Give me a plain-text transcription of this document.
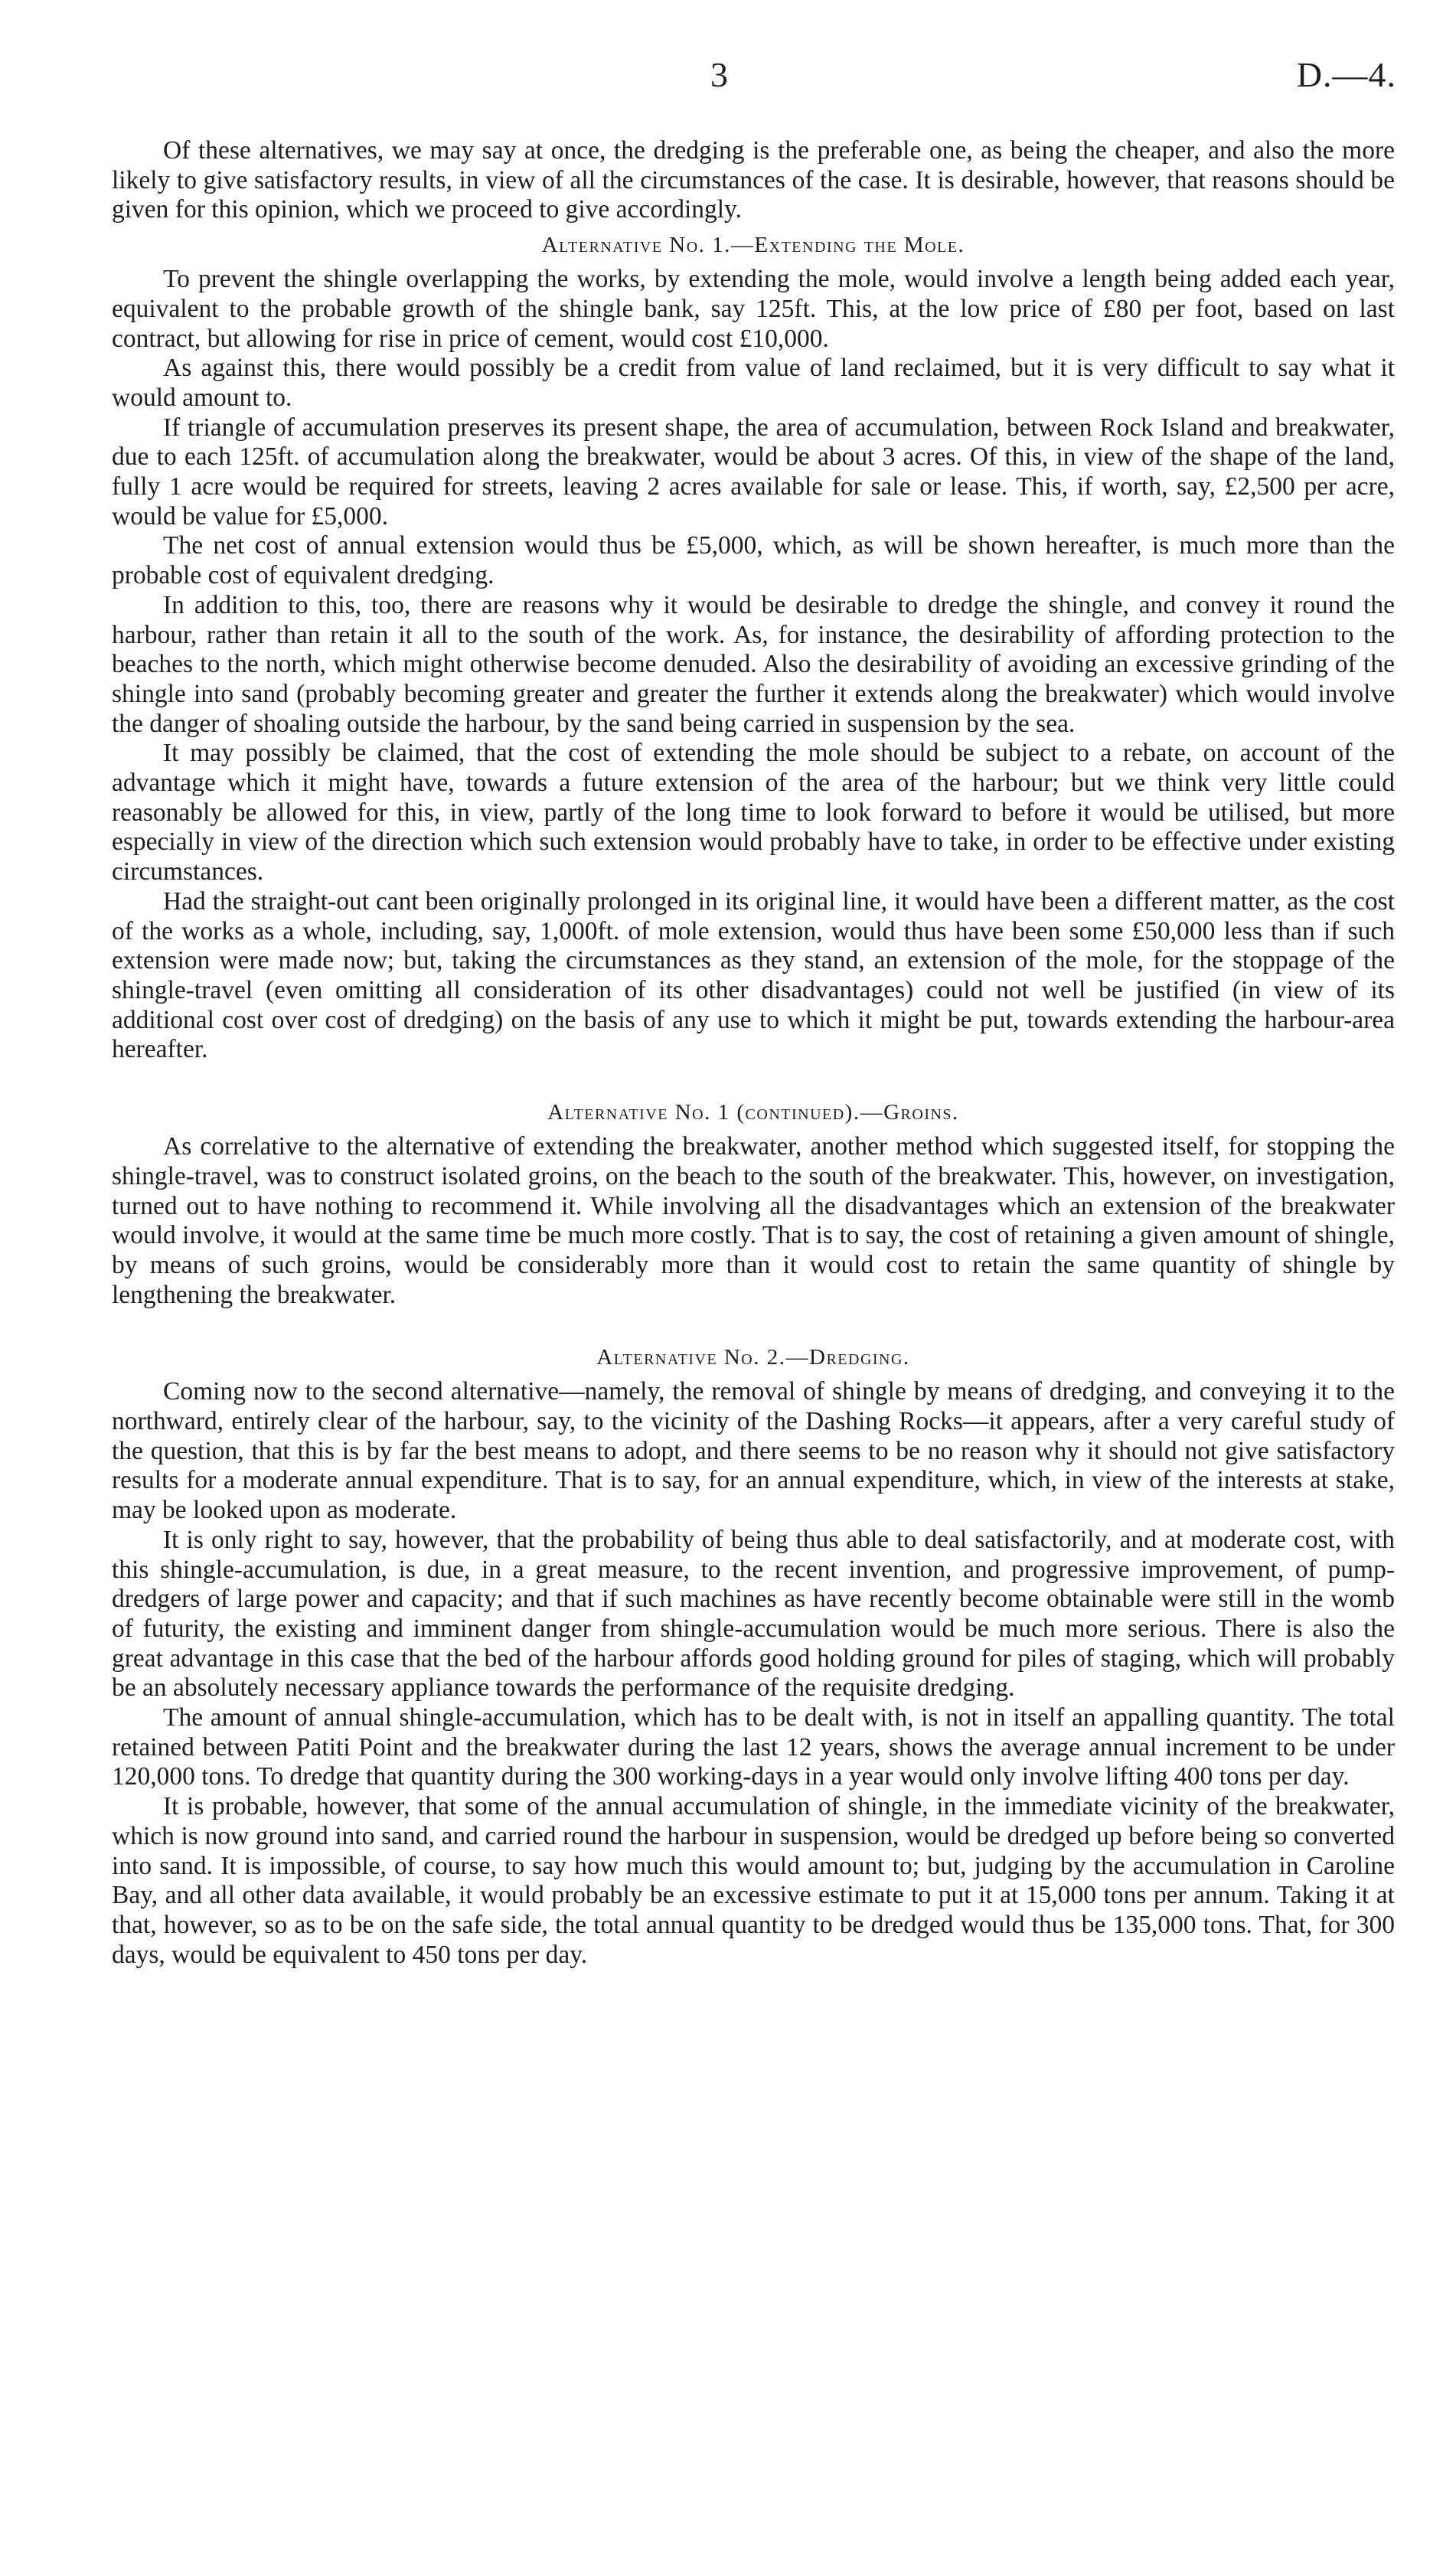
3	D.—4.

Of these alternatives, we may say at once, the dredging is the preferable one, as being the cheaper, and also the more likely to give satisfactory results, in view of all the circumstances of the case. It is desirable, however, that reasons should be given for this opinion, which we proceed to give accordingly.

Alternative No. 1.—Extending the Mole.

To prevent the shingle overlapping the works, by extending the mole, would involve a length being added each year, equivalent to the probable growth of the shingle bank, say 125ft. This, at the low price of £80 per foot, based on last contract, but allowing for rise in price of cement, would cost £10,000.

As against this, there would possibly be a credit from value of land reclaimed, but it is very difficult to say what it would amount to.

If triangle of accumulation preserves its present shape, the area of accumulation, between Rock Island and breakwater, due to each 125ft. of accumulation along the breakwater, would be about 3 acres. Of this, in view of the shape of the land, fully 1 acre would be required for streets, leaving 2 acres available for sale or lease. This, if worth, say, £2,500 per acre, would be value for £5,000.

The net cost of annual extension would thus be £5,000, which, as will be shown hereafter, is much more than the probable cost of equivalent dredging.

In addition to this, too, there are reasons why it would be desirable to dredge the shingle, and convey it round the harbour, rather than retain it all to the south of the work. As, for instance, the desirability of affording protection to the beaches to the north, which might otherwise become denuded. Also the desirability of avoiding an excessive grinding of the shingle into sand (probably becoming greater and greater the further it extends along the breakwater) which would involve the danger of shoaling outside the harbour, by the sand being carried in suspension by the sea.

It may possibly be claimed, that the cost of extending the mole should be subject to a rebate, on account of the advantage which it might have, towards a future extension of the area of the harbour; but we think very little could reasonably be allowed for this, in view, partly of the long time to look forward to before it would be utilised, but more especially in view of the direction which such extension would probably have to take, in order to be effective under existing circumstances.

Had the straight-out cant been originally prolonged in its original line, it would have been a different matter, as the cost of the works as a whole, including, say, 1,000ft. of mole extension, would thus have been some £50,000 less than if such extension were made now; but, taking the circumstances as they stand, an extension of the mole, for the stoppage of the shingle-travel (even omitting all consideration of its other disadvantages) could not well be justified (in view of its additional cost over cost of dredging) on the basis of any use to which it might be put, towards extending the harbour-area hereafter.

Alternative No. 1 (continued).—Groins.

As correlative to the alternative of extending the breakwater, another method which suggested itself, for stopping the shingle-travel, was to construct isolated groins, on the beach to the south of the breakwater. This, however, on investigation, turned out to have nothing to recommend it. While involving all the disadvantages which an extension of the breakwater would involve, it would at the same time be much more costly. That is to say, the cost of retaining a given amount of shingle, by means of such groins, would be considerably more than it would cost to retain the same quantity of shingle by lengthening the breakwater.

Alternative No. 2.—Dredging.

Coming now to the second alternative—namely, the removal of shingle by means of dredging, and conveying it to the northward, entirely clear of the harbour, say, to the vicinity of the Dashing Rocks—it appears, after a very careful study of the question, that this is by far the best means to adopt, and there seems to be no reason why it should not give satisfactory results for a moderate annual expenditure. That is to say, for an annual expenditure, which, in view of the interests at stake, may be looked upon as moderate.

It is only right to say, however, that the probability of being thus able to deal satisfactorily, and at moderate cost, with this shingle-accumulation, is due, in a great measure, to the recent invention, and progressive improvement, of pump-dredgers of large power and capacity; and that if such machines as have recently become obtainable were still in the womb of futurity, the existing and imminent danger from shingle-accumulation would be much more serious. There is also the great advantage in this case that the bed of the harbour affords good holding ground for piles of staging, which will probably be an absolutely necessary appliance towards the performance of the requisite dredging.

The amount of annual shingle-accumulation, which has to be dealt with, is not in itself an appalling quantity. The total retained between Patiti Point and the breakwater during the last 12 years, shows the average annual increment to be under 120,000 tons. To dredge that quantity during the 300 working-days in a year would only involve lifting 400 tons per day.

It is probable, however, that some of the annual accumulation of shingle, in the immediate vicinity of the breakwater, which is now ground into sand, and carried round the harbour in suspension, would be dredged up before being so converted into sand. It is impossible, of course, to say how much this would amount to; but, judging by the accumulation in Caroline Bay, and all other data available, it would probably be an excessive estimate to put it at 15,000 tons per annum. Taking it at that, however, so as to be on the safe side, the total annual quantity to be dredged would thus be 135,000 tons. That, for 300 days, would be equivalent to 450 tons per day.
